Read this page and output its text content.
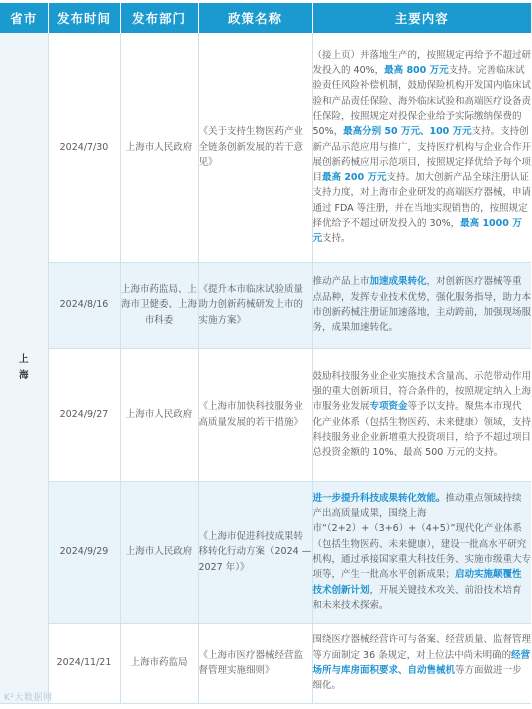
省市	发布时间	发布部门	政策名称	主要内容
上
海	2024/7/30	上海市人民政府	《关于支持生物医药产业全链条创新发展的若干意见》	（接上页）并落地生产的，按照规定再给予不超过研发投入的 40%，最高 800 万元支持。完善临床试验责任风险补偿机制，鼓励保险机构开发国内临床试验和产品责任保险、海外临床试验和高端医疗设备责任保险，按照规定对投保企业给予实际缴纳保费的 50%，最高分别 50 万元、100 万元支持。支持创新产品示范应用与推广，支持医疗机构与企业合作开展创新药械应用示范项目，按照规定择优给予每个项目最高 200 万元支持。加大创新产品全球注册认证支持力度，对上海市企业研发的高端医疗器械，申请通过 FDA 等注册，并在当地实现销售的，按照规定择优给予不超过研发投入的 30%，最高 1000 万元支持。
	2024/8/16	上海市药监局、上海市卫健委、上海市科委	《提升本市临床试验质量 助力创新药械研发上市的实施方案》	推动产品上市加速成果转化，对创新医疗器械等重点品种，发挥专业技术优势，强化服务指导，助力本市创新药械注册证加速落地，主动跨前，加强现场服务，成果加速转化。
	2024/9/27	上海市人民政府	《上海市加快科技服务业高质量发展的若干措施》	鼓励科技服务业企业实施技术含量高、示范带动作用强的重大创新项目，符合条件的，按照规定纳入上海市服务业发展专项资金等予以支持。聚焦本市现代化产业体系（包括生物医药、未来健康）领域，支持科技服务业企业新增重大投资项目，给予不超过项目总投资金额的 10%、最高 500 万元的支持。
	2024/9/29	上海市人民政府	《上海市促进科技成果转移转化行动方案（2024 — 2027 年）》	进一步提升科技成果转化效能。推动重点领域持续产出高质量成果，围绕上海市“（2+2）+（3+6）+（4+5）”现代化产业体系（包括生物医药、未来健康），建设一批高水平研究机构，通过承接国家重大科技任务、实施市级重大专项等，产生一批高水平创新成果；启动实施颠覆性技术创新计划，开展关键技术攻关、前沿技术培育和未来技术探索。
	2024/11/21	上海市药监局	《上海市医疗器械经营监督管理实施细则》	围绕医疗器械经营许可与备案、经营质量、监督管理等方面制定 36 条规定，对上位法中尚未明确的经营场所与库房面积要求、自动售械机等方面做进一步细化。
K²大数据网
